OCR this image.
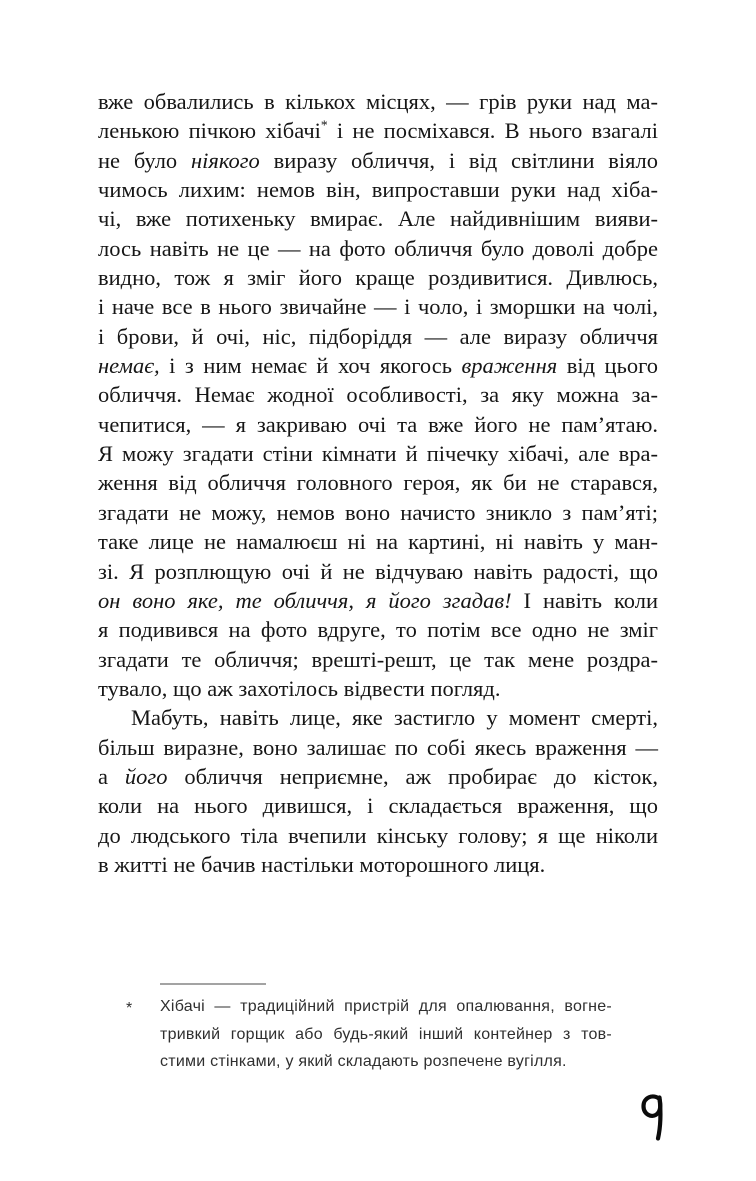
вже обвалились в кількох місцях, — грів руки над ма-
ленькою пічкою хібачі* і не посміхався. В нього взагалі
не було ніякого виразу обличчя, і від світлини віяло
чимось лихим: немов він, випроставши руки над хіба-
чі, вже потихеньку вмирає. Але найдивнішим вияви-
лось навіть не це — на фото обличчя було доволі добре
видно, тож я зміг його краще роздивитися. Дивлюсь,
і наче все в нього звичайне — і чоло, і зморшки на чолі,
і брови, й очі, ніс, підборіддя — але виразу обличчя
немає, і з ним немає й хоч якогось враження від цього
обличчя. Немає жодної особливості, за яку можна за-
чепитися, — я закриваю очі та вже його не пам’ятаю.
Я можу згадати стіни кімнати й пічечку хібачі, але вра-
ження від обличчя головного героя, як би не старався,
згадати не можу, немов воно начисто зникло з пам’яті;
таке лице не намалюєш ні на картині, ні навіть у ман-
зі. Я розплющую очі й не відчуваю навіть радості, що
он воно яке, те обличчя, я його згадав! І навіть коли
я подивився на фото вдруге, то потім все одно не зміг
згадати те обличчя; врешті-решт, це так мене роздра-
тувало, що аж захотілось відвести погляд.
Мабуть, навіть лице, яке застигло у момент смерті,
більш виразне, воно залишає по собі якесь враження —
а його обличчя неприємне, аж пробирає до кісток,
коли на нього дивишся, і складається враження, що
до людського тіла вчепили кінську голову; я ще ніколи
в житті не бачив настільки моторошного лиця.
* Хібачі — традиційний пристрій для опалювання, вогне-
тривкий горщик або будь-який інший контейнер з тов-
стими стінками, у який складають розпечене вугілля.
